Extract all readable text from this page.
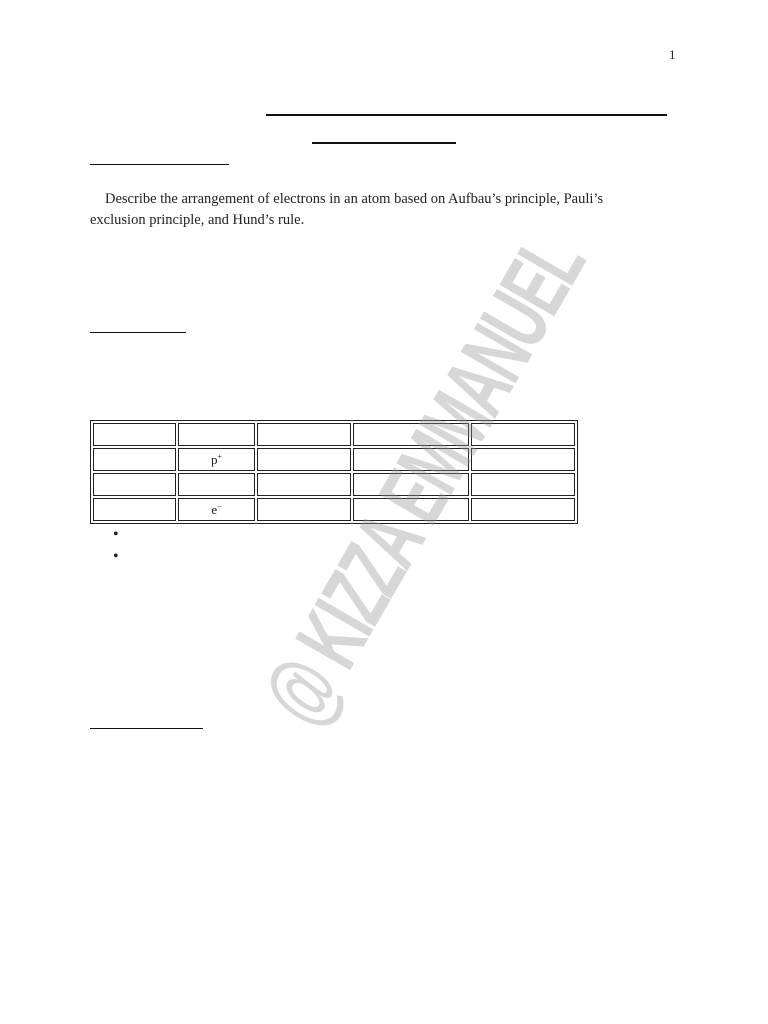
1

Describe the arrangement of electrons in an atom based on Aufbau’s principle, Pauli’s exclusion principle, and Hund’s rule.

	p+			

	e−			@ KIZZA EMMANUEL
